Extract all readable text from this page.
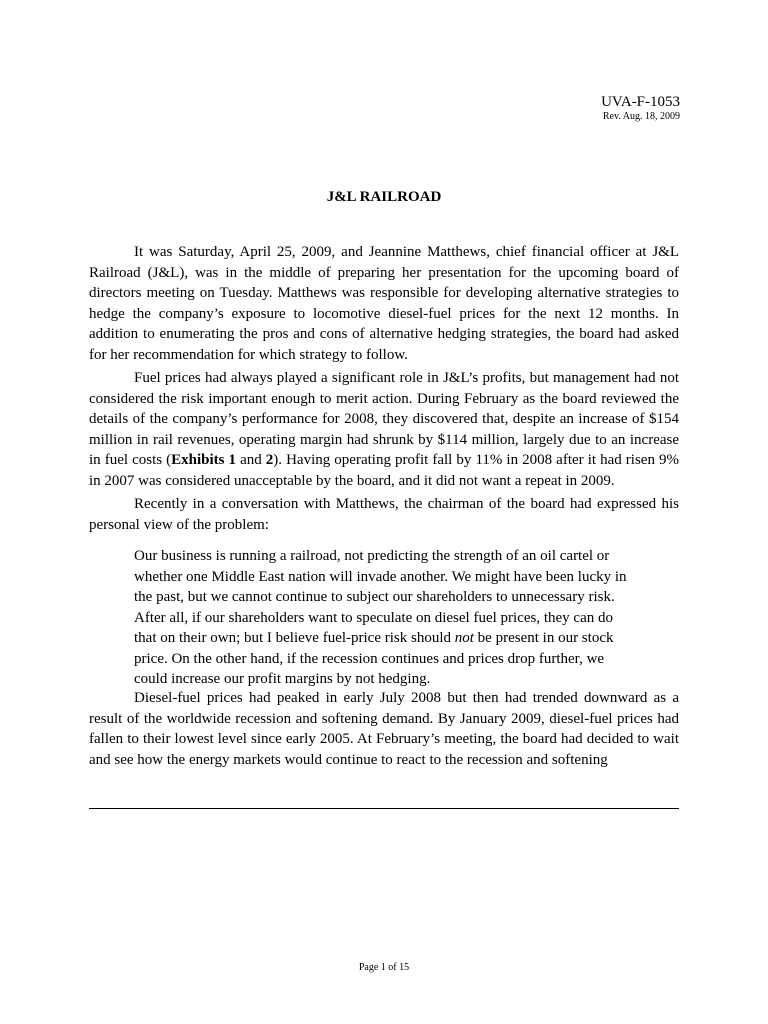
UVA-F-1053
Rev. Aug. 18, 2009
J&L RAILROAD

It was Saturday, April 25, 2009, and Jeannine Matthews, chief financial officer at J&L Railroad (J&L), was in the middle of preparing her presentation for the upcoming board of directors meeting on Tuesday. Matthews was responsible for developing alternative strategies to hedge the company’s exposure to locomotive diesel-fuel prices for the next 12 months. In addition to enumerating the pros and cons of alternative hedging strategies, the board had asked for her recommendation for which strategy to follow.

Fuel prices had always played a significant role in J&L’s profits, but management had not considered the risk important enough to merit action. During February as the board reviewed the details of the company’s performance for 2008, they discovered that, despite an increase of $154 million in rail revenues, operating margin had shrunk by $114 million, largely due to an increase in fuel costs (Exhibits 1 and 2). Having operating profit fall by 11% in 2008 after it had risen 9% in 2007 was considered unacceptable by the board, and it did not want a repeat in 2009.

Recently in a conversation with Matthews, the chairman of the board had expressed his personal view of the problem:

Our business is running a railroad, not predicting the strength of an oil cartel or whether one Middle East nation will invade another. We might have been lucky in the past, but we cannot continue to subject our shareholders to unnecessary risk. After all, if our shareholders want to speculate on diesel fuel prices, they can do that on their own; but I believe fuel-price risk should not be present in our stock price. On the other hand, if the recession continues and prices drop further, we could increase our profit margins by not hedging.

Diesel-fuel prices had peaked in early July 2008 but then had trended downward as a result of the worldwide recession and softening demand. By January 2009, diesel-fuel prices had fallen to their lowest level since early 2005. At February’s meeting, the board had decided to wait and see how the energy markets would continue to react to the recession and softening

Page 1 of 15
